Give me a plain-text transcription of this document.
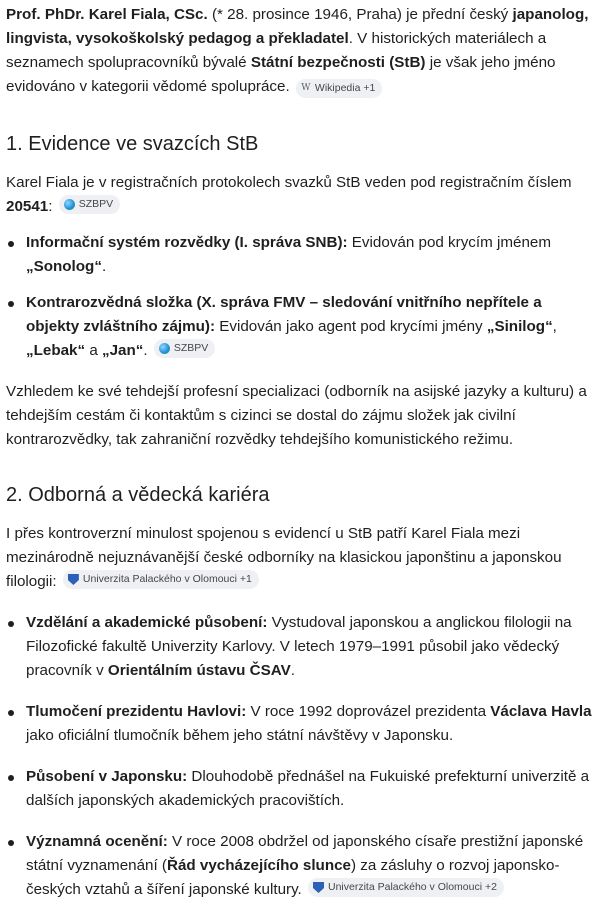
Prof. PhDr. Karel Fiala, CSc. (* 28. prosince 1946, Praha) je přední český japanolog, lingvista, vysokoškolský pedagog a překladatel. V historických materiálech a seznamech spolupracovníků bývalé Státní bezpečnosti (StB) je však jeho jméno evidováno v kategorii vědomé spolupráce. W Wikipedia +1

1. Evidence ve svazcích StB

Karel Fiala je v registračních protokolech svazků StB veden pod registračním číslem 20541: SZBPV

Informační systém rozvědky (I. správa SNB): Evidován pod krycím jménem „Sonolog“.
Kontrarozvědná složka (X. správa FMV – sledování vnitřního nepřítele a objekty zvláštního zájmu): Evidován jako agent pod krycími jmény „Sinilog“, „Lebak“ a „Jan“. SZBPV

Vzhledem ke své tehdejší profesní specializaci (odborník na asijské jazyky a kulturu) a tehdejším cestám či kontaktům s cizinci se dostal do zájmu složek jak civilní kontrarozvědky, tak zahraniční rozvědky tehdejšího komunistického režimu.

2. Odborná a vědecká kariéra

I přes kontroverzní minulost spojenou s evidencí u StB patří Karel Fiala mezi mezinárodně nejuznávanější české odborníky na klasickou japonštinu a japonskou filologii: Univerzita Palackého v Olomouci +1

Vzdělání a akademické působení: Vystudoval japonskou a anglickou filologii na Filozofické fakultě Univerzity Karlovy. V letech 1979–1991 působil jako vědecký pracovník v Orientálním ústavu ČSAV.
Tlumočení prezidentu Havlovi: V roce 1992 doprovázel prezidenta Václava Havla jako oficiální tlumočník během jeho státní návštěvy v Japonsku.
Působení v Japonsku: Dlouhodobě přednášel na Fukuiské prefekturní univerzitě a dalších japonských akademických pracovištích.
Významná ocenění: V roce 2008 obdržel od japonského císaře prestižní japonské státní vyznamenání (Řád vycházejícího slunce) za zásluhy o rozvoj japonsko-českých vztahů a šíření japonské kultury. Univerzita Palackého v Olomouci +2
